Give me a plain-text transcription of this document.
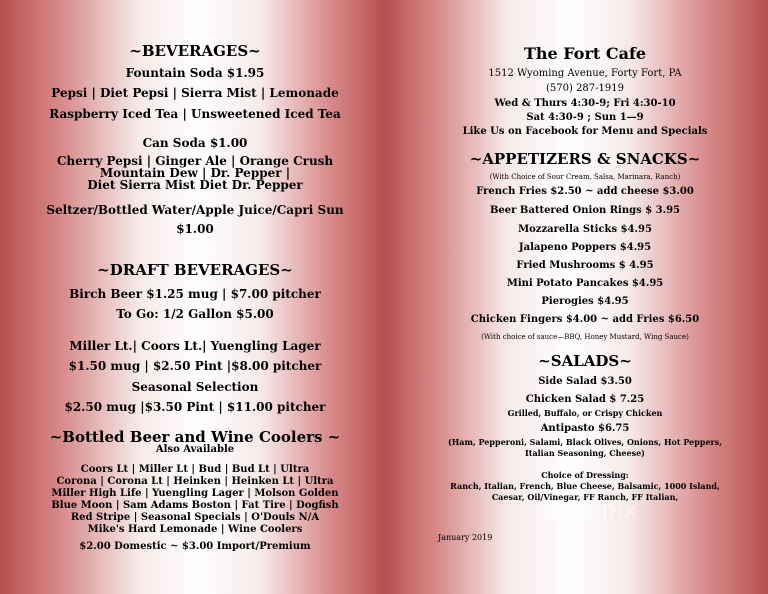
~BEVERAGES~
Fountain Soda $1.95
Pepsi | Diet Pepsi | Sierra Mist | Lemonade
Raspberry Iced Tea | Unsweetened Iced Tea
Can Soda $1.00
Cherry Pepsi | Ginger Ale | Orange Crush
Mountain Dew | Dr. Pepper |
Diet Sierra Mist Diet Dr. Pepper
Seltzer/Bottled Water/Apple Juice/Capri Sun
$1.00
~DRAFT BEVERAGES~
Birch Beer $1.25 mug | $7.00 pitcher
To Go: 1/2 Gallon $5.00
Miller Lt.| Coors Lt.| Yuengling Lager
$1.50 mug | $2.50 Pint |$8.00 pitcher
Seasonal Selection
$2.50 mug |$3.50 Pint | $11.00 pitcher
~Bottled Beer and Wine Coolers ~
Also Available
Coors Lt | Miller Lt | Bud | Bud Lt | Ultra
Corona | Corona Lt | Heinken | Heinken Lt | Ultra
Miller High Life | Yuengling Lager | Molson Golden
Blue Moon | Sam Adams Boston | Fat Tire | Dogfish
Red Stripe | Seasonal Specials | O'Douls N/A
Mike's Hard Lemonade | Wine Coolers
$2.00 Domestic ~ $3.00 Import/Premium
The Fort Cafe
1512 Wyoming Avenue, Forty Fort, PA
(570) 287-1919
Wed & Thurs 4:30-9; Fri 4:30-10
Sat 4:30-9 ; Sun 1—9
Like Us on Facebook for Menu and Specials
~APPETIZERS & SNACKS~
(With Choice of Sour Cream, Salsa, Marinara, Ranch)
French Fries $2.50 ~ add cheese $3.00
Beer Battered Onion Rings $ 3.95
Mozzarella Sticks $4.95
Jalapeno Poppers $4.95
Fried Mushrooms $ 4.95
Mini Potato Pancakes $4.95
Pierogies $4.95
Chicken Fingers $4.00 ~ add Fries $6.50
(With choice of sauce—BBQ, Honey Mustard, Wing Sauce)
~SALADS~
Side Salad $3.50
Chicken Salad $ 7.25
Grilled, Buffalo, or Crispy Chicken
Antipasto $6.75
(Ham, Pepperoni, Salami, Black Olives, Onions, Hot Peppers,
Italian Seasoning, Cheese)
Choice of Dressing:
Ranch, Italian, French, Blue Cheese, Balsamic, 1000 Island,
Caesar, Oil/Vinegar, FF Ranch, FF Italian,
January 2019
menupix
